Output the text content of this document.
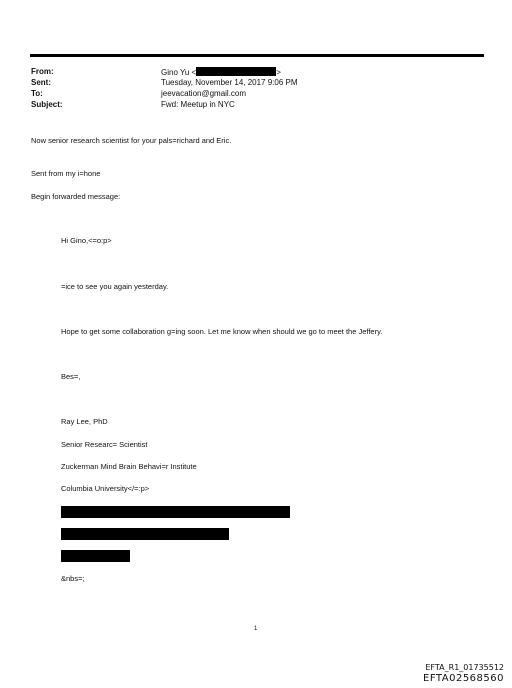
From:	Gino Yu <	>
Sent:	Tuesday, November 14, 2017 9:06 PM
To:	jeevacation@gmail.com
Subject:	Fwd: Meetup in NYC
Now senior research scientist for your pals=richard and Eric.
Sent from my i=hone
Begin forwarded message:
Hi Gino,<=o:p>
=ice to see you again yesterday.
Hope to get some collaboration g=ing soon. Let me know when should we go to meet the Jeffery.
Bes=,
Ray Lee, PhD
Senior Researc= Scientist
Zuckerman Mind Brain Behavi=r Institute
Columbia University</=:p>
&nbs=;
1
EFTA_R1_01735512
EFTA02568560
